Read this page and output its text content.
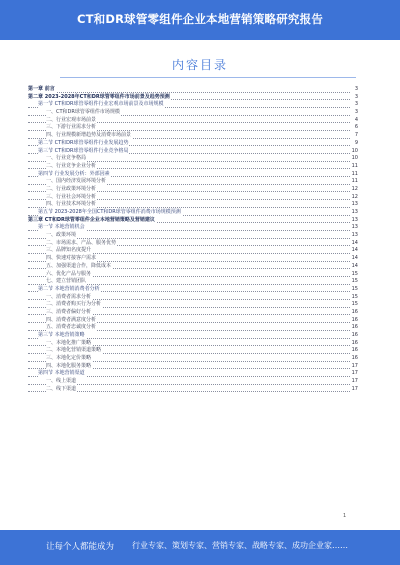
CT和DR球管零组件企业本地营销策略研究报告
内容目录
第一章 前言	3
第二章 2023-2028年CT和DR球管零组件市场前景及趋势预测	3
第一节 CT和DR球管零组件行业宏观市场前景及市场规模	3
一、CT和DR球管零组件市场规模	3
二、行业宏观市场前景	4
三、下游行业需求分析	6
四、行业规模新增趋势及消费市场前景	7
第二节 CT和DR球管零组件行业发展趋势	9
第三节 CT和DR球管零组件行业竞争格局	10
一、行业竞争格局	10
二、行业竞争企业分析	11
第四节 行业发展分析：外部因素	11
一、国内经济发展环境分析	11
二、行业政策环境分析	12
三、行业社会环境分析	12
四、行业技术环境分析	13
第五节 2023-2028年全国CT和DR球管零组件消费市场规模预测	13
第三章 CT和DR球管零组件企业本地营销策略及营销建议	13
第一节 本地营销机会	13
一、政策环境	13
二、市场需求、产品、服务优势	14
三、品牌知名度提升	14
四、快速对接客户需求	14
五、加强渠道合作，降低成本	14
六、优化产品与服务	15
七、建立营销团队	15
第二节 本地营销消费者分析	15
一、消费者需求分析	15
二、消费者购买行为分析	15
三、消费者偏好分析	16
四、消费者满意度分析	16
五、消费者忠诚度分析	16
第三节 本地营销策略	16
一、本地化推广策略	16
二、本地化营销渠道策略	16
三、本地化定价策略	16
四、本地化服务策略	17
第四节 本地营销渠道	17
一、线上渠道	17
二、线下渠道	17
1
让每个人都能成为 行业专家、策划专家、营销专家、战略专家、成功企业家……
